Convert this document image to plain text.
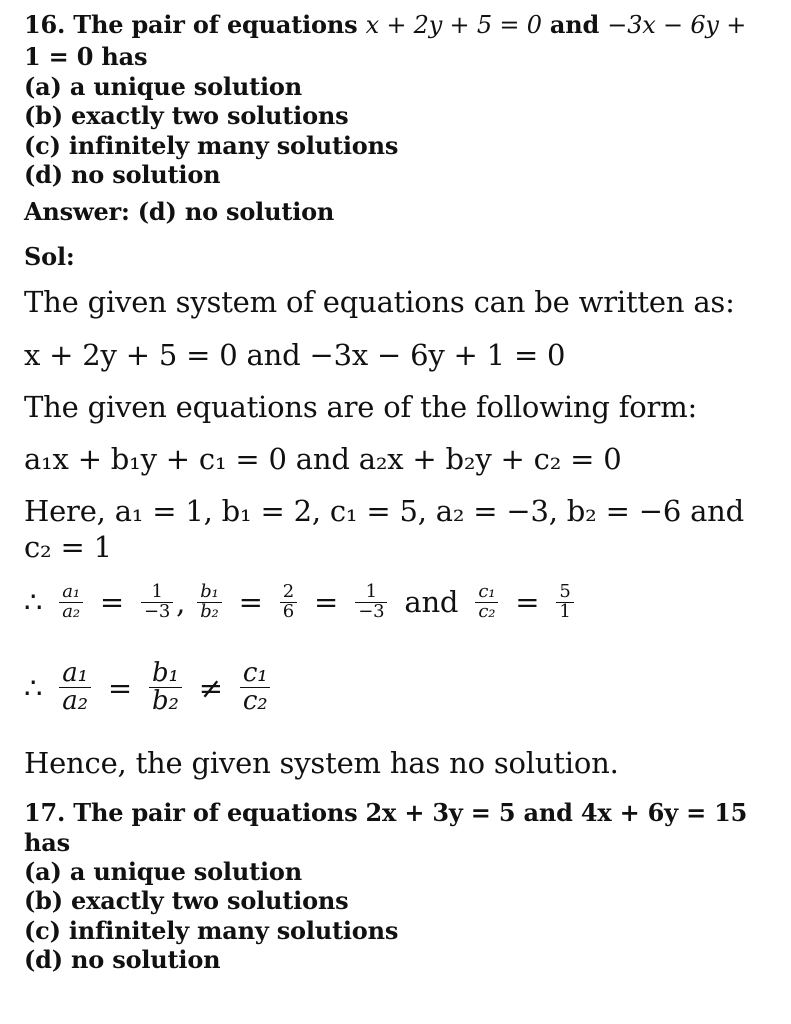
16. The pair of equations x + 2y + 5 = 0 and −3x − 6y +
1 = 0 has
(a) a unique solution
(b) exactly two solutions
(c) infinitely many solutions
(d) no solution
Answer: (d) no solution
Sol:
The given system of equations can be written as:
x + 2y + 5 = 0 and −3x − 6y + 1 = 0
The given equations are of the following form:
a₁x + b₁y + c₁ = 0 and a₂x + b₂y + c₂ = 0
Here, a₁ = 1, b₁ = 2, c₁ = 5, a₂ = −3, b₂ = −6 and
c₂ = 1
∴ $\frac{\text{a₁}}{\text{a₂}} = \frac{1}{-3}$ , $\frac{\text{b₁}}{\text{b₂}} = \frac{2}{6} = \frac{1}{-3}$ and $\frac{\text{c₁}}{\text{c₂}} = \frac{5}{1}$
∴ $\frac{\text{a₁}}{\text{a₂}} = \frac{\text{b₁}}{\text{b₂}} \ne \frac{\text{c₁}}{\text{c₂}}$
Hence, the given system has no solution.
17. The pair of equations 2x + 3y = 5 and 4x + 6y = 15
has
(a) a unique solution
(b) exactly two solutions
(c) infinitely many solutions
(d) no solution
